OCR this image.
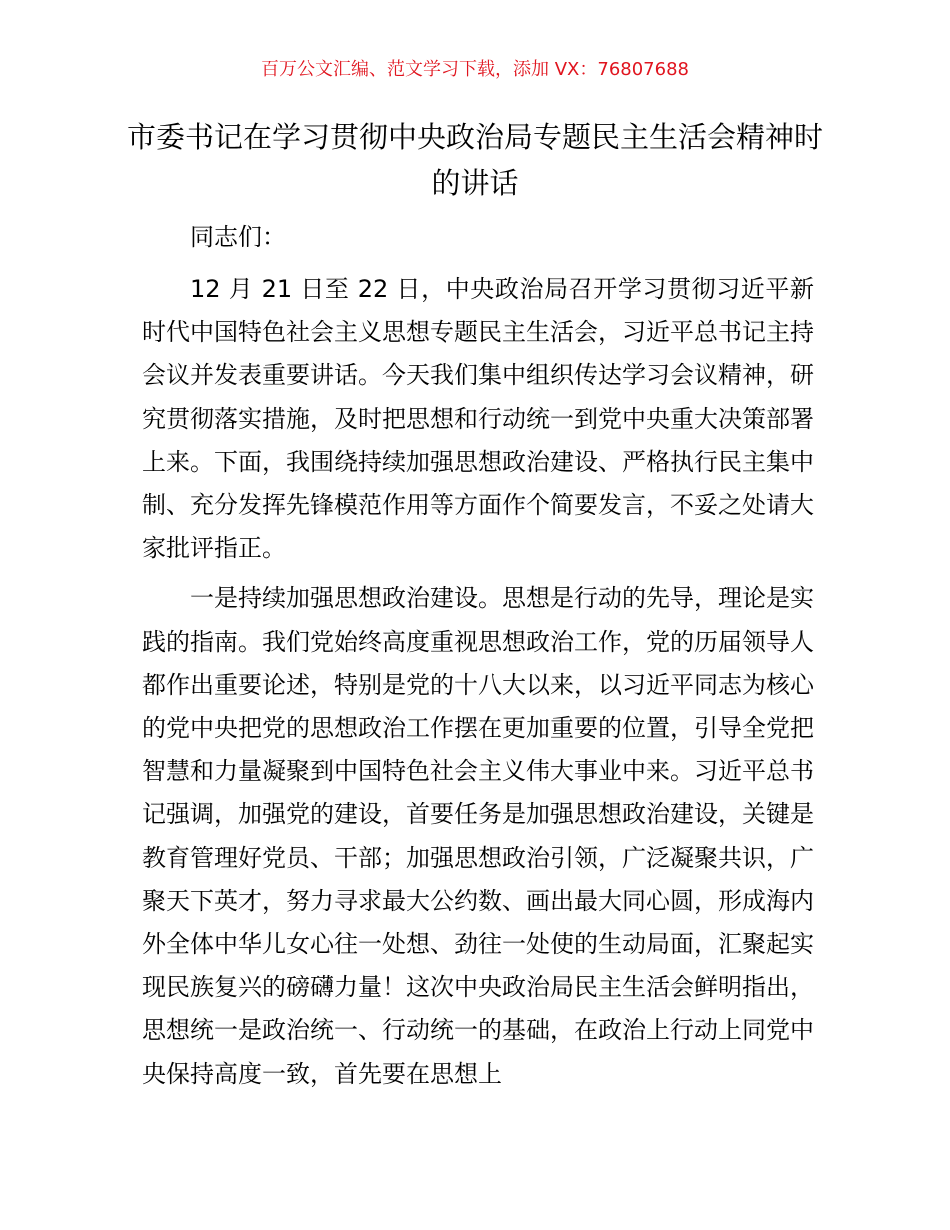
百万公文汇编、范文学习下载，添加 VX：76807688
市委书记在学习贯彻中央政治局专题民主生活会精神时的讲话
同志们：

12 月 21 日至 22 日，中央政治局召开学习贯彻习近平新时代中国特色社会主义思想专题民主生活会，习近平总书记主持会议并发表重要讲话。今天我们集中组织传达学习会议精神，研究贯彻落实措施，及时把思想和行动统一到党中央重大决策部署上来。下面，我围绕持续加强思想政治建设、严格执行民主集中制、充分发挥先锋模范作用等方面作个简要发言，不妥之处请大家批评指正。

一是持续加强思想政治建设。思想是行动的先导，理论是实践的指南。我们党始终高度重视思想政治工作，党的历届领导人都作出重要论述，特别是党的十八大以来，以习近平同志为核心的党中央把党的思想政治工作摆在更加重要的位置，引导全党把智慧和力量凝聚到中国特色社会主义伟大事业中来。习近平总书记强调，加强党的建设，首要任务是加强思想政治建设，关键是教育管理好党员、干部；加强思想政治引领，广泛凝聚共识，广聚天下英才，努力寻求最大公约数、画出最大同心圆，形成海内外全体中华儿女心往一处想、劲往一处使的生动局面，汇聚起实现民族复兴的磅礴力量！这次中央政治局民主生活会鲜明指出，思想统一是政治统一、行动统一的基础，在政治上行动上同党中央保持高度一致，首先要在思想上
